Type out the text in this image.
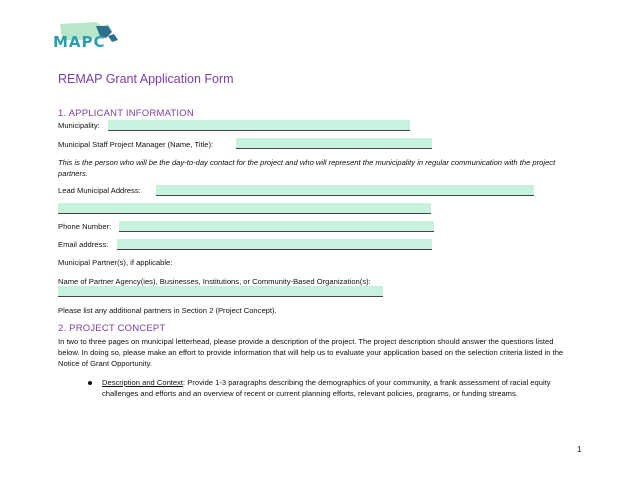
MAPC
REMAP Grant Application Form
1. APPLICANT INFORMATION
Municipality:
Municipal Staff Project Manager (Name, Title):
This is the person who will be the day-to-day contact for the project and who will represent the municipality in regular communication with the project partners.
Lead Municipal Address:
Phone Number:
Email address:
Municipal Partner(s), if applicable:
Name of Partner Agency(ies), Businesses, Institutions, or Community-Based Organization(s):
Please list any additional partners in Section 2 (Project Concept).
2. PROJECT CONCEPT
In two to three pages on municipal letterhead, please provide a description of the project. The project description should answer the questions listed below. In doing so, please make an effort to provide information that will help us to evaluate your application based on the selection criteria listed in the Notice of Grant Opportunity.
Description and Context: Provide 1-3 paragraphs describing the demographics of your community, a frank assessment of racial equity challenges and efforts and an overview of recent or current planning efforts, relevant policies, programs, or funding streams.
1
